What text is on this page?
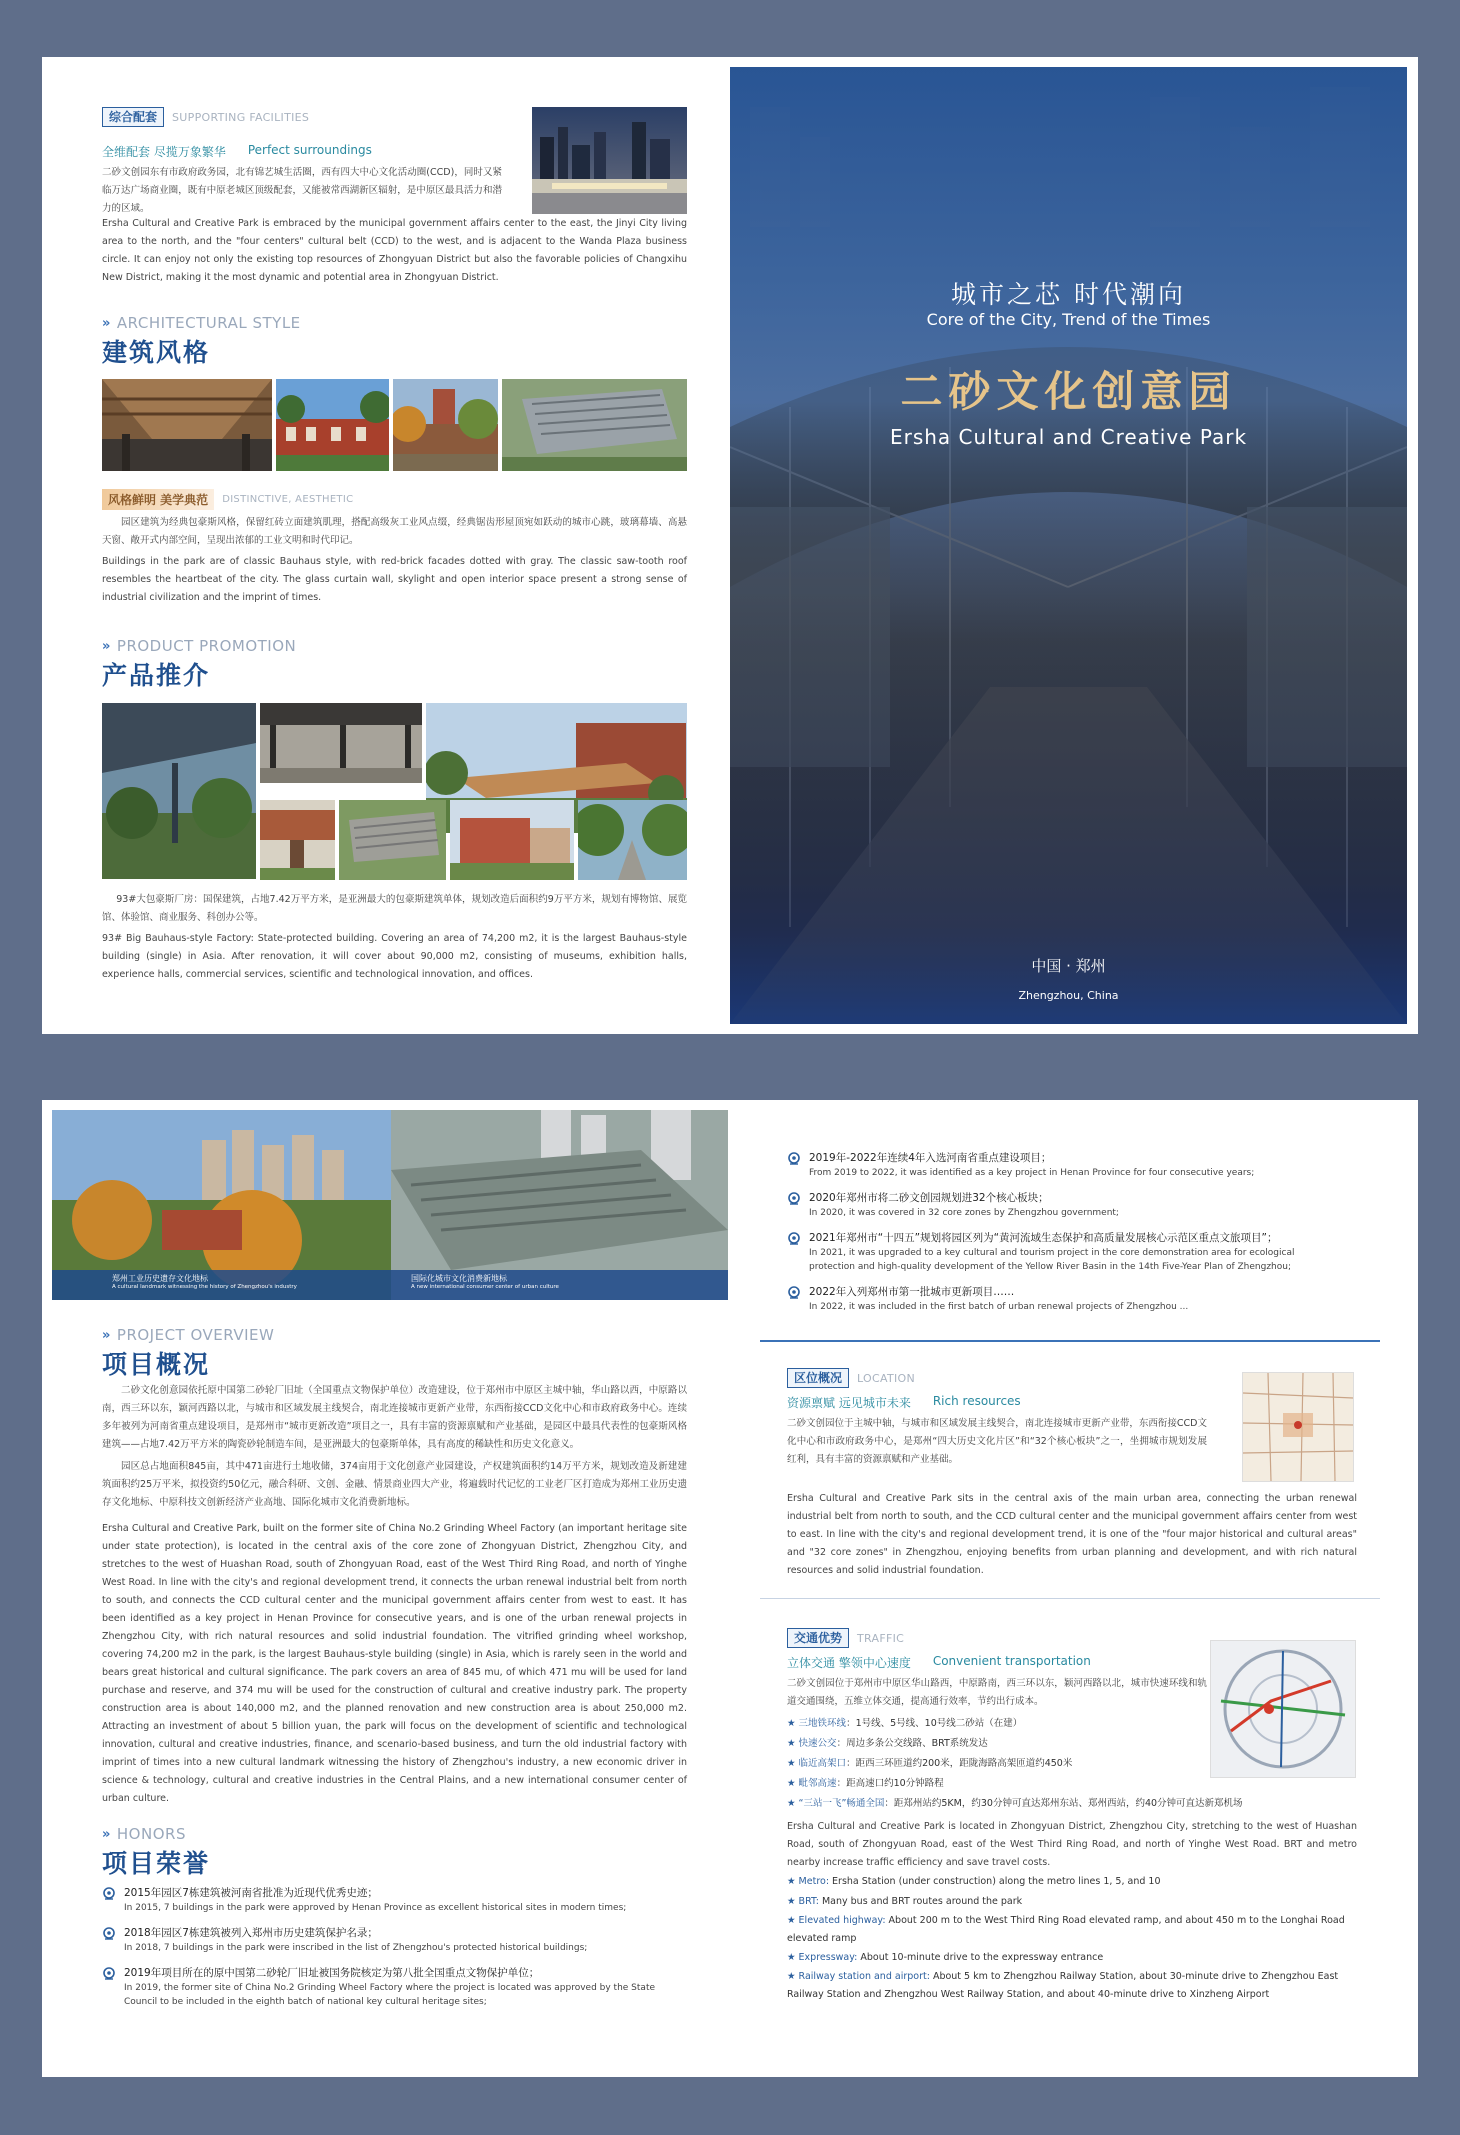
综合配套	SUPPORTING FACILITIES
全维配套 尽揽万象繁华 Perfect surroundings

二砂文创园东有市政府政务园，北有锦艺城生活圈，西有四大中心文化活动圈(CCD)，同时又紧临万达广场商业圈，既有中原老城区顶级配套，又能被常西湖新区辐射，是中原区最具活力和潜力的区域。

Ersha Cultural and Creative Park is embraced by the municipal government affairs center to the east, the Jinyi City living area to the north, and the "four centers" cultural belt (CCD) to the west, and is adjacent to the Wanda Plaza business circle. It can enjoy not only the existing top resources of Zhongyuan District but also the favorable policies of Changxihu New District, making it the most dynamic and potential area in Zhongyuan District.

» ARCHITECTURAL STYLE
建筑风格
风格鲜明 美学典范	DISTINCTIVE, AESTHETIC

园区建筑为经典包豪斯风格，保留红砖立面建筑肌理，搭配高级灰工业风点缀，经典锯齿形屋顶宛如跃动的城市心跳，玻璃幕墙、高悬天窗、敞开式内部空间，呈现出浓郁的工业文明和时代印记。

Buildings in the park are of classic Bauhaus style, with red-brick facades dotted with gray. The classic saw-tooth roof resembles the heartbeat of the city. The glass curtain wall, skylight and open interior space present a strong sense of industrial civilization and the imprint of times.

» PRODUCT PROMOTION
产品推介

93#大包豪斯厂房：国保建筑，占地7.42万平方米，是亚洲最大的包豪斯建筑单体，规划改造后面积约9万平方米，规划有博物馆、展览馆、体验馆、商业服务、科创办公等。

93# Big Bauhaus-style Factory: State-protected building. Covering an area of 74,200 m2, it is the largest Bauhaus-style building (single) in Asia. After renovation, it will cover about 90,000 m2, consisting of museums, exhibition halls, experience halls, commercial services, scientific and technological innovation, and offices.

城市之芯 时代潮向
Core of the City, Trend of the Times
二砂文化创意园
Ersha Cultural and Creative Park
中国 · 郑州
Zhengzhou, China
郑州工业历史遗存文化地标
A cultural landmark witnessing the history of Zhengzhou's industry
国际化城市文化消费新地标
A new international consumer center of urban culture
» PROJECT OVERVIEW
项目概况

二砂文化创意园依托原中国第二砂轮厂旧址（全国重点文物保护单位）改造建设，位于郑州市中原区主城中轴，华山路以西，中原路以南，西三环以东，颖河西路以北，与城市和区域发展主线契合，南北连接城市更新产业带，东西衔接CCD文化中心和市政府政务中心。连续多年被列为河南省重点建设项目，是郑州市“城市更新改造”项目之一，具有丰富的资源禀赋和产业基础，是园区中最具代表性的包豪斯风格建筑——占地7.42万平方米的陶瓷砂轮制造车间，是亚洲最大的包豪斯单体，具有高度的稀缺性和历史文化意义。

园区总占地面积845亩，其中471亩进行土地收储，374亩用于文化创意产业园建设，产权建筑面积约14万平方米，规划改造及新建建筑面积约25万平米，拟投资约50亿元，融合科研、文创、金融、情景商业四大产业，将遍载时代记忆的工业老厂区打造成为郑州工业历史遗存文化地标、中原科技文创新经济产业高地、国际化城市文化消费新地标。

Ersha Cultural and Creative Park, built on the former site of China No.2 Grinding Wheel Factory (an important heritage site under state protection), is located in the central axis of the core zone of Zhongyuan District, Zhengzhou City, and stretches to the west of Huashan Road, south of Zhongyuan Road, east of the West Third Ring Road, and north of Yinghe West Road. In line with the city's and regional development trend, it connects the urban renewal industrial belt from north to south, and connects the CCD cultural center and the municipal government affairs center from west to east. It has been identified as a key project in Henan Province for consecutive years, and is one of the urban renewal projects in Zhengzhou City, with rich natural resources and solid industrial foundation. The vitrified grinding wheel workshop, covering 74,200 m2 in the park, is the largest Bauhaus-style building (single) in Asia, which is rarely seen in the world and bears great historical and cultural significance. The park covers an area of 845 mu, of which 471 mu will be used for land purchase and reserve, and 374 mu will be used for the construction of cultural and creative industry park. The property construction area is about 140,000 m2, and the planned renovation and new construction area is about 250,000 m2. Attracting an investment of about 5 billion yuan, the park will focus on the development of scientific and technological innovation, cultural and creative industries, finance, and scenario-based business, and turn the old industrial factory with imprint of times into a new cultural landmark witnessing the history of Zhengzhou's industry, a new economic driver in science & technology, cultural and creative industries in the Central Plains, and a new international consumer center of urban culture.

» HONORS
项目荣誉
2015年园区7栋建筑被河南省批准为近现代优秀史迹；
In 2015, 7 buildings in the park were approved by Henan Province as excellent historical sites in modern times;
2018年园区7栋建筑被列入郑州市历史建筑保护名录；
In 2018, 7 buildings in the park were inscribed in the list of Zhengzhou's protected historical buildings;
2019年项目所在的原中国第二砂轮厂旧址被国务院核定为第八批全国重点文物保护单位；
In 2019, the former site of China No.2 Grinding Wheel Factory where the project is located was approved by the State Council to be included in the eighth batch of national key cultural heritage sites;
2019年-2022年连续4年入选河南省重点建设项目；
From 2019 to 2022, it was identified as a key project in Henan Province for four consecutive years;
2020年郑州市将二砂文创园规划进32个核心板块；
In 2020, it was covered in 32 core zones by Zhengzhou government;
2021年郑州市“十四五”规划将园区列为“黄河流域生态保护和高质量发展核心示范区重点文旅项目”；
In 2021, it was upgraded to a key cultural and tourism project in the core demonstration area for ecological protection and high-quality development of the Yellow River Basin in the 14th Five-Year Plan of Zhengzhou;
2022年入列郑州市第一批城市更新项目……
In 2022, it was included in the first batch of urban renewal projects of Zhengzhou ...
区位概况	LOCATION
资源禀赋 远见城市未来 Rich resources

二砂文创园位于主城中轴，与城市和区域发展主线契合，南北连接城市更新产业带，东西衔接CCD文化中心和市政府政务中心，是郑州“四大历史文化片区”和“32个核心板块”之一，坐拥城市规划发展红利，具有丰富的资源禀赋和产业基础。

Ersha Cultural and Creative Park sits in the central axis of the main urban area, connecting the urban renewal industrial belt from north to south, and the CCD cultural center and the municipal government affairs center from west to east. In line with the city's and regional development trend, it is one of the "four major historical and cultural areas" and "32 core zones" in Zhengzhou, enjoying benefits from urban planning and development, and with rich natural resources and solid industrial foundation.

交通优势	TRAFFIC
立体交通 擎领中心速度 Convenient transportation

二砂文创园位于郑州市中原区华山路西，中原路南，西三环以东，颖河西路以北，城市快速环线和轨道交通围绕，五维立体交通，提高通行效率，节约出行成本。

★ 三地铁环线：1号线、5号线、10号线二砂站（在建）
★ 快速公交：周边多条公交线路、BRT系统发达
★ 临近高架口：距西三环匝道约200米，距陇海路高架匝道约450米
★ 毗邻高速：距高速口约10分钟路程
★ “三站一飞”畅通全国：距郑州站约5KM，约30分钟可直达郑州东站、郑州西站，约40分钟可直达新郑机场

Ersha Cultural and Creative Park is located in Zhongyuan District, Zhengzhou City, stretching to the west of Huashan Road, south of Zhongyuan Road, east of the West Third Ring Road, and north of Yinghe West Road. BRT and metro nearby increase traffic efficiency and save travel costs.

★ Metro: Ersha Station (under construction) along the metro lines 1, 5, and 10
★ BRT: Many bus and BRT routes around the park
★ Elevated highway: About 200 m to the West Third Ring Road elevated ramp, and about 450 m to the Longhai Road elevated ramp
★ Expressway: About 10-minute drive to the expressway entrance
★ Railway station and airport: About 5 km to Zhengzhou Railway Station, about 30-minute drive to Zhengzhou East Railway Station and Zhengzhou West Railway Station, and about 40-minute drive to Xinzheng Airport
